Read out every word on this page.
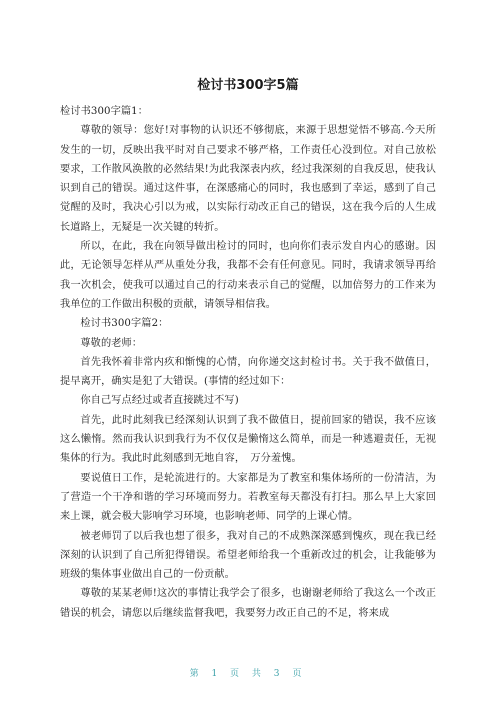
检讨书300字5篇

检讨书300字篇1：

尊敬的领导：您好!对事物的认识还不够彻底，来源于思想觉悟不够高.今天所发生的一切，反映出我平时对自己要求不够严格，工作责任心没到位。对自己放松要求，工作散风涣散的必然结果!为此我深表内疚，经过我深刻的自我反思，使我认识到自己的错误。通过这件事，在深感痛心的同时，我也感到了幸运，感到了自己觉醒的及时，我决心引以为戒，以实际行动改正自己的错误，这在我今后的人生成长道路上，无疑是一次关键的转折。

所以，在此，我在向领导做出检讨的同时，也向你们表示发自内心的感谢。因此，无论领导怎样从严从重处分我，我都不会有任何意见。同时，我请求领导再给我一次机会，使我可以通过自己的行动来表示自己的觉醒，以加倍努力的工作来为我单位的工作做出积极的贡献，请领导相信我。

检讨书300字篇2：

尊敬的老师：

首先我怀着非常内疚和惭愧的心情，向你递交这封检讨书。关于我不做值日，提早离开，确实是犯了大错误。(事情的经过如下：

你自己写点经过或者直接跳过不写)

首先，此时此刻我已经深刻认识到了我不做值日，提前回家的错误，我不应该这么懒惰。然而我认识到我行为不仅仅是懒惰这么简单，而是一种逃避责任，无视集体的行为。我此时此刻感到无地自容，　万分羞愧。

要说值日工作，是轮流进行的。大家都是为了教室和集体场所的一份清洁，为了营造一个干净和谐的学习环境而努力。若教室每天都没有打扫。那么早上大家回来上课，就会极大影响学习环境，也影响老师、同学的上课心情。

被老师罚了以后我也想了很多，我对自己的不成熟深深感到愧疚，现在我已经深刻的认识到了自己所犯得错误。希望老师给我一个重新改过的机会，让我能够为班级的集体事业做出自己的一份贡献。

尊敬的某某老师!这次的事情让我学会了很多，也谢谢老师给了我这么一个改正错误的机会，请您以后继续监督我吧，我要努力改正自己的不足，将来成

第 1 页 共 3 页
